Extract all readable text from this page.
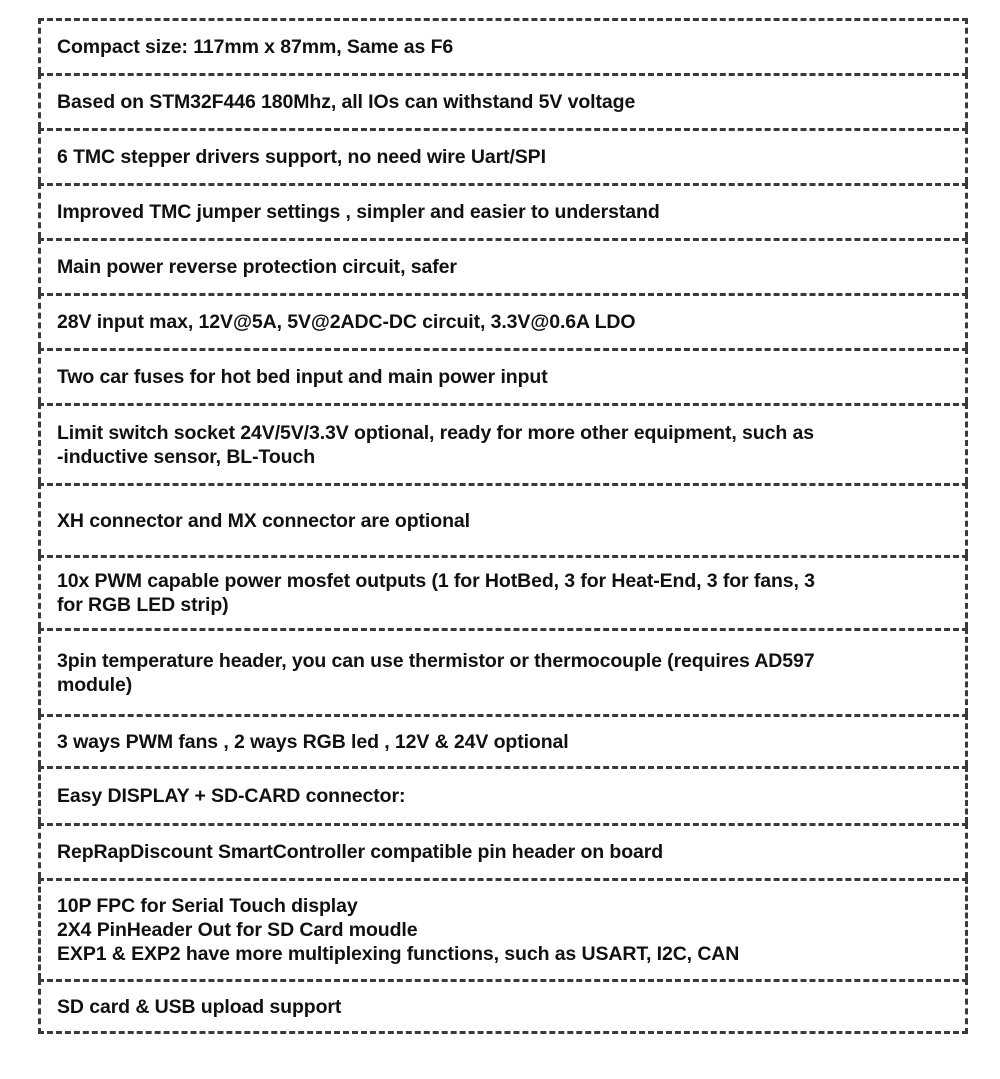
Compact size: 117mm x 87mm, Same as F6
Based on STM32F446 180Mhz, all IOs can withstand 5V voltage
6 TMC stepper drivers support, no need wire Uart/SPI
Improved TMC jumper settings , simpler and easier to understand
Main power reverse protection circuit, safer
28V input max, 12V@5A, 5V@2ADC-DC circuit, 3.3V@0.6A LDO
Two car fuses for hot bed input and main power input
Limit switch socket 24V/5V/3.3V optional, ready for more other equipment, such as
-inductive sensor, BL-Touch
XH connector and MX connector are optional
10x PWM capable power mosfet outputs (1 for HotBed, 3 for Heat-End, 3 for fans, 3
for RGB LED strip)
3pin temperature header, you can use thermistor or thermocouple (requires AD597
module)
3 ways PWM fans , 2 ways RGB led , 12V & 24V optional
Easy DISPLAY + SD-CARD connector:
RepRapDiscount SmartController compatible pin header on board
10P FPC for Serial Touch display
2X4 PinHeader Out for SD Card moudle
EXP1 & EXP2 have more multiplexing functions, such as USART, I2C, CAN
SD card & USB upload support
